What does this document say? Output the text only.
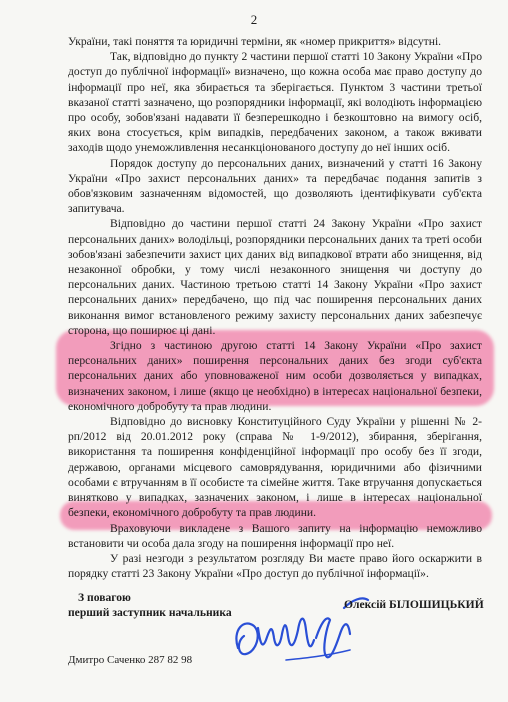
2

України, такі поняття та юридичні терміни, як «номер прикриття» відсутні.

Так, відповідно до пункту 2 частини першої статті 10 Закону України «Про доступ до публічної інформації» визначено, що кожна особа має право доступу до інформації про неї, яка збирається та зберігається. Пунктом 3 частини третьої вказаної статті зазначено, що розпорядники інформації, які володіють інформацією про особу, зобов'язані надавати її безперешкодно і безкоштовно на вимогу осіб, яких вона стосується, крім випадків, передбачених законом, а також вживати заходів щодо унеможливлення несанкціонованого доступу до неї інших осіб.

Порядок доступу до персональних даних, визначений у статті 16 Закону України «Про захист персональних даних» та передбачає подання запитів з обов'язковим зазначенням відомостей, що дозволяють ідентифікувати суб'єкта запитувача.

Відповідно до частини першої статті 24 Закону України «Про захист персональних даних» володільці, розпорядники персональних даних та треті особи зобов'язані забезпечити захист цих даних від випадкової втрати або знищення, від незаконної обробки, у тому числі незаконного знищення чи доступу до персональних даних. Частиною третьою статті 14 Закону України «Про захист персональних даних» передбачено, що під час поширення персональних даних виконання вимог встановленого режиму захисту персональних даних забезпечує сторона, що поширює ці дані.

Згідно з частиною другою статті 14 Закону України «Про захист персональних даних» поширення персональних даних без згоди суб'єкта персональних даних або уповноваженої ним особи дозволяється у випадках, визначених законом, і лише (якщо це необхідно) в інтересах національної безпеки, економічного добробуту та прав людини.

Відповідно до висновку Конституційного Суду України у рішенні № 2-рп/2012 від 20.01.2012 року (справа № 1-9/2012), збирання, зберігання, використання та поширення конфіденційної інформації про особу без її згоди, державою, органами місцевого самоврядування, юридичними або фізичними особами є втручанням в її особисте та сімейне життя. Таке втручання допускається винятково у випадках, зазначених законом, і лише в інтересах національної безпеки, економічного добробуту та прав людини.

Враховуючи викладене з Вашого запиту на інформацію неможливо встановити чи особа дала згоду на поширення інформації про неї.

У разі незгоди з результатом розгляду Ви маєте право його оскаржити в порядку статті 23 Закону України «Про доступ до публічної інформації».

З повагою
перший заступник начальника
Олексій БІЛОШИЦЬКИЙ
Дмитро Саченко 287 82 98
